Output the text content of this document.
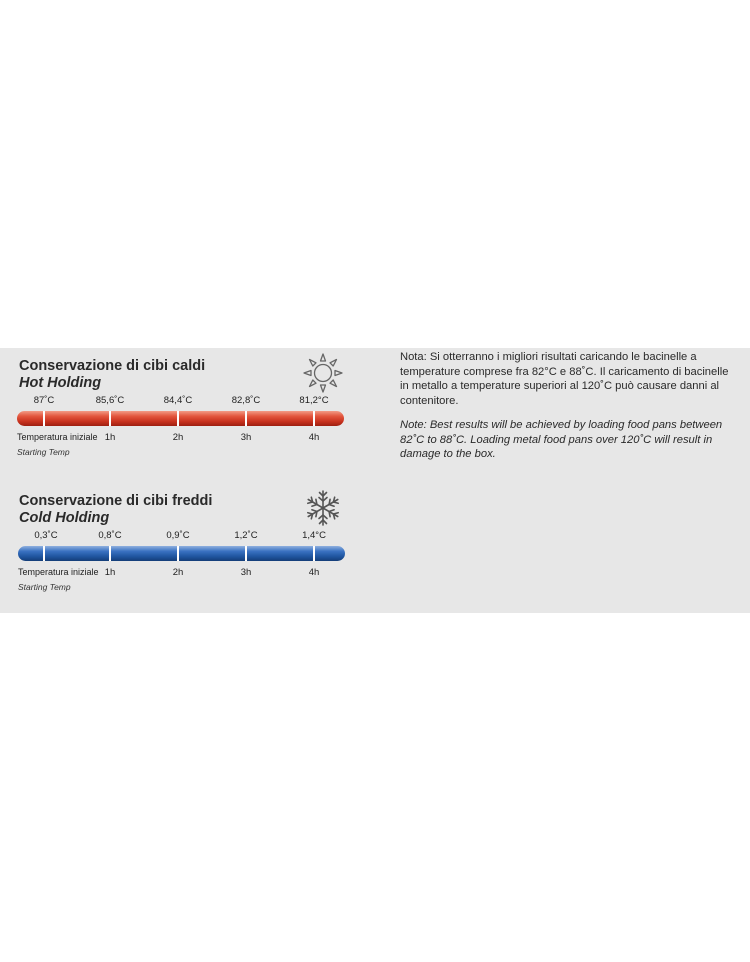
Conservazione di cibi caldi
Hot Holding
87˚C	85,6˚C	84,4˚C	82,8˚C	81,2°C
Temperatura iniziale 1h	2h	3h	4h
Starting Temp
Conservazione di cibi freddi
Cold Holding
0,3˚C	0,8˚C	0,9˚C	1,2˚C	1,4°C
Temperatura iniziale 1h	2h	3h	4h
Starting Temp

Nota: Si otterranno i migliori risultati caricando le bacinelle a temperature comprese fra 82°C e 88˚C. Il caricamento di bacinelle in metallo a temperature superiori al 120˚C può causare danni al contenitore.

Note: Best results will be achieved by loading food pans between 82˚C to 88˚C. Loading metal food pans over 120˚C will result in damage to the box.
